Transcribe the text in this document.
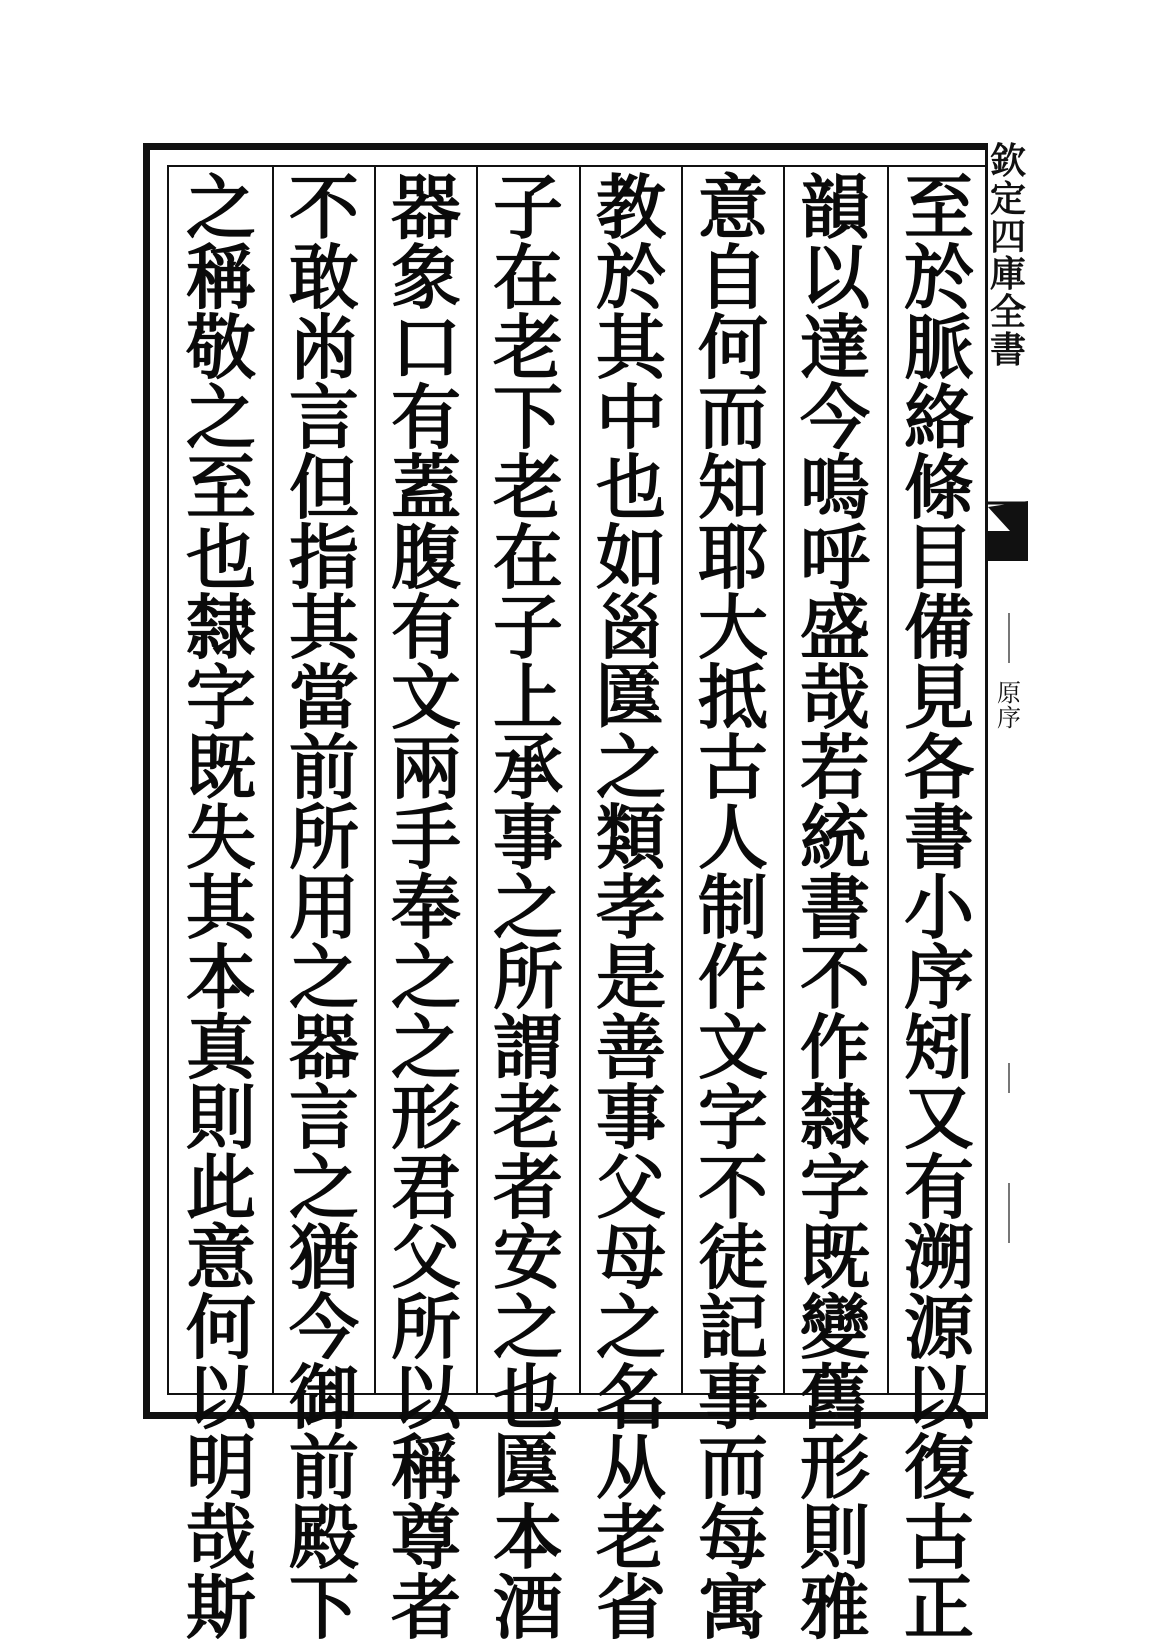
至
於
脈
絡
條
目
備
見
各
書
小
序
矧
又
有
溯
源
以
復
古
正
韻
以
達
今
嗚
呼
盛
哉
若
統
書
不
作
隸
字
既
變
舊
形
則
雅
意
自
何
而
知
耶
大
抵
古
人
制
作
文
字
不
徒
記
事
而
每
寓
教
於
其
中
也
如
𡿺
𠥛
之
類
孝
是
善
事
父
母
之
名
从
老
省
子
在
老
下
老
在
子
上
承
事
之
所
謂
老
者
安
之
也
𠥛
本
酒
器
象
口
有
蓋
腹
有
文
兩
手
奉
之
之
形
君
父
所
以
稱
尊
者
不
敢
㡀
言
但
指
其
當
前
所
用
之
器
言
之
猶
今
御
前
殿
下
之
稱
敬
之
至
也
隸
字
既
失
其
本
真
則
此
意
何
以
明
哉
斯
欽
定
四
庫
全
書
原
序
